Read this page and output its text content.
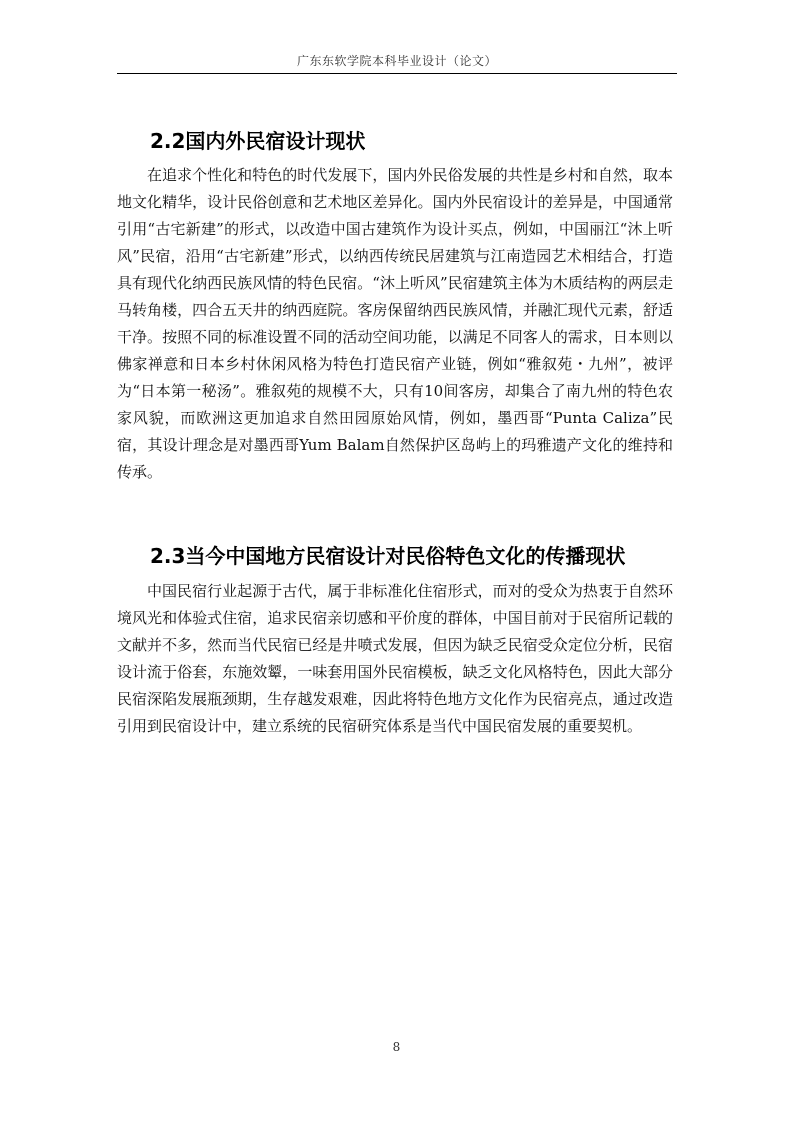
广东东软学院本科毕业设计（论文）
2.2国内外民宿设计现状

在追求个性化和特色的时代发展下，国内外民俗发展的共性是乡村和自然，取本地文化精华，设计民俗创意和艺术地区差异化。国内外民宿设计的差异是，中国通常引用“古宅新建”的形式，以改造中国古建筑作为设计买点，例如，中国丽江“沐上听风”民宿，沿用“古宅新建”形式，以纳西传统民居建筑与江南造园艺术相结合，打造具有现代化纳西民族风情的特色民宿。“沐上听风”民宿建筑主体为木质结构的两层走马转角楼，四合五天井的纳西庭院。客房保留纳西民族风情，并融汇现代元素，舒适干净。按照不同的标准设置不同的活动空间功能，以满足不同客人的需求，日本则以佛家禅意和日本乡村休闲风格为特色打造民宿产业链，例如“雅叙苑・九州”，被评为“日本第一秘汤”。雅叙苑的规模不大，只有10间客房，却集合了南九州的特色农家风貌，而欧洲这更加追求自然田园原始风情，例如，墨西哥“Punta Caliza”民宿，其设计理念是对墨西哥Yum Balam自然保护区岛屿上的玛雅遗产文化的维持和传承。

2.3当今中国地方民宿设计对民俗特色文化的传播现状

中国民宿行业起源于古代，属于非标准化住宿形式，而对的受众为热衷于自然环境风光和体验式住宿，追求民宿亲切感和平价度的群体，中国目前对于民宿所记载的文献并不多，然而当代民宿已经是井喷式发展，但因为缺乏民宿受众定位分析，民宿设计流于俗套，东施效颦，一味套用国外民宿模板，缺乏文化风格特色，因此大部分民宿深陷发展瓶颈期，生存越发艰难，因此将特色地方文化作为民宿亮点，通过改造引用到民宿设计中，建立系统的民宿研究体系是当代中国民宿发展的重要契机。

8
